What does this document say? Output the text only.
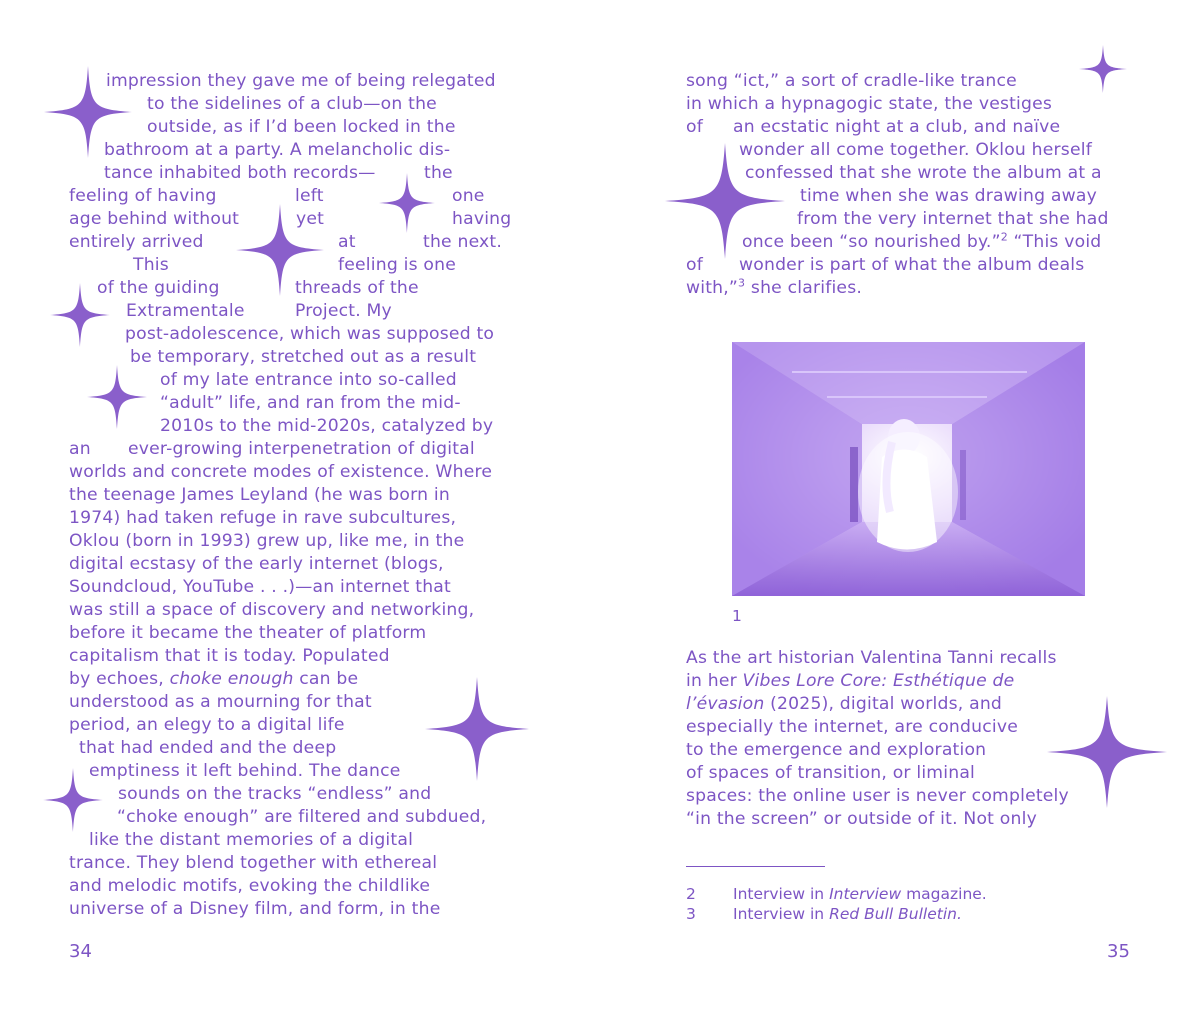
1
impression they gave me of being relegated
to the sidelines of a club—on the
outside, as if I’d been locked in the
bathroom at a party. A melancholic dis-
tance inhabited both records—	the
feeling of having	left	one
age behind without	yet	having
entirely arrived	at	the next.
This	feeling is one
of the guiding	threads of the
Extramentale	Project. My
post-adolescence, which was supposed to
be temporary, stretched out as a result
of my late entrance into so-called
“adult” life, and ran from the mid-
2010s to the mid-2020s, catalyzed by
an ever-growing interpenetration of digital
worlds and concrete modes of existence. Where
the teenage James Leyland (he was born in
1974) had taken refuge in rave subcultures,
Oklou (born in 1993) grew up, like me, in the
digital ecstasy of the early internet (blogs,
Soundcloud, YouTube . . .)—an internet that
was still a space of discovery and networking,
before it became the theater of platform
capitalism that it is today. Populated
by echoes, choke enough can be
understood as a mourning for that
period, an elegy to a digital life
that had ended and the deep
emptiness it left behind. The dance
sounds on the tracks “endless” and
“choke enough” are filtered and subdued,
like the distant memories of a digital
trance. They blend together with ethereal
and melodic motifs, evoking the childlike
universe of a Disney film, and form, in the
34
song “ict,” a sort of cradle-like trance
in which a hypnagogic state, the vestiges
of an ecstatic night at a club, and naïve
wonder all come together. Oklou herself
confessed that she wrote the album at a
time when she was drawing away
from the very internet that she had
once been “so nourished by.”$^2$ “This void
of wonder is part of what the album deals
with,”$^3$ she clarifies.
As the art historian Valentina Tanni recalls
in her Vibes Lore Core: Esthétique de
l’évasion (2025), digital worlds, and
especially the internet, are conducive
to the emergence and exploration
of spaces of transition, or liminal
spaces: the online user is never completely
“in the screen” or outside of it. Not only
2 Interview in Interview magazine.
3 Interview in Red Bull Bulletin.
35
